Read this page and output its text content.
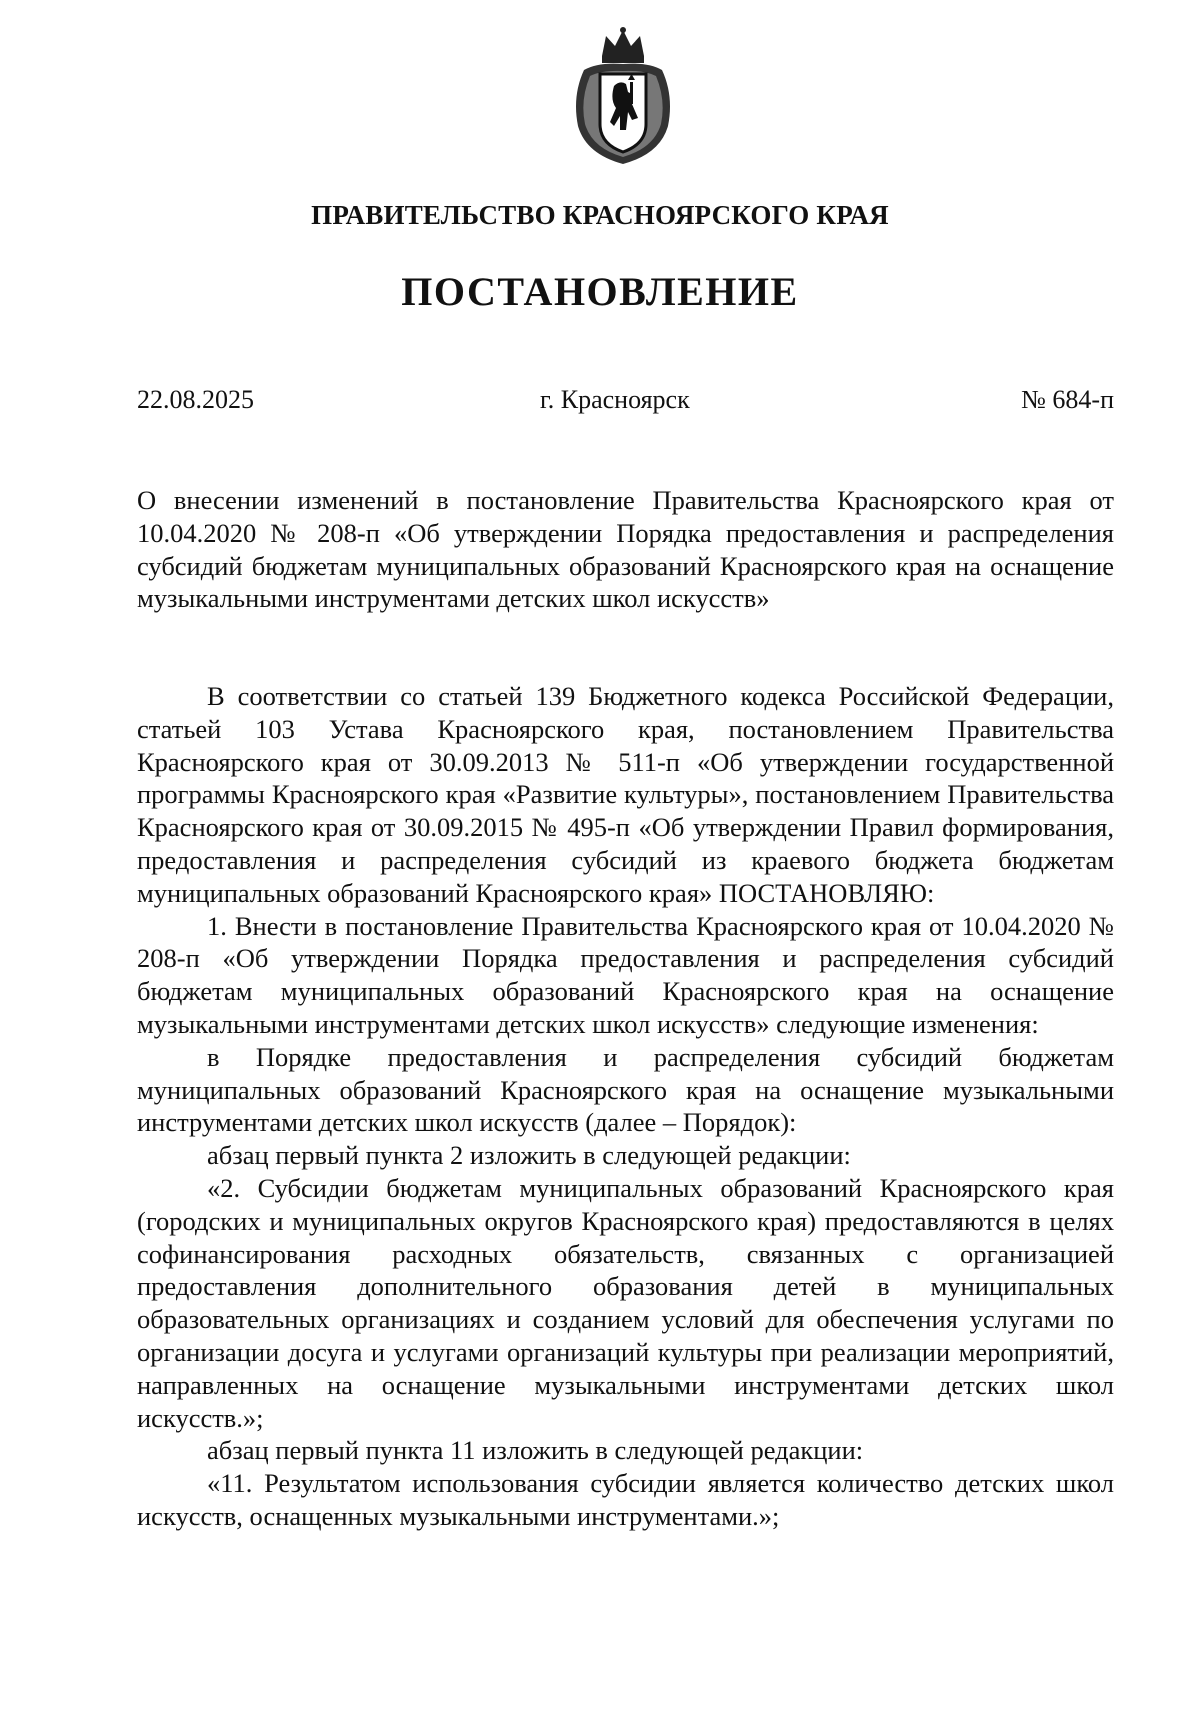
ПРАВИТЕЛЬСТВО КРАСНОЯРСКОГО КРАЯ
ПОСТАНОВЛЕНИЕ
22.08.2025	г. Красноярск	№ 684-п

О внесении изменений в постановление Правительства Красноярского края от 10.04.2020 № 208-п «Об утверждении Порядка предоставления и распределения субсидий бюджетам муниципальных образований Красноярского края на оснащение музыкальными инструментами детских школ искусств»

В соответствии со статьей 139 Бюджетного кодекса Российской Федерации, статьей 103 Устава Красноярского края, постановлением Правительства Красноярского края от 30.09.2013 № 511-п «Об утверждении государственной программы Красноярского края «Развитие культуры», постановлением Правительства Красноярского края от 30.09.2015 № 495-п «Об утверждении Правил формирования, предоставления и распределения субсидий из краевого бюджета бюджетам муниципальных образований Красноярского края» ПОСТАНОВЛЯЮ:

1. Внести в постановление Правительства Красноярского края от 10.04.2020 № 208-п «Об утверждении Порядка предоставления и распределения субсидий бюджетам муниципальных образований Красноярского края на оснащение музыкальными инструментами детских школ искусств» следующие изменения:

в Порядке предоставления и распределения субсидий бюджетам муниципальных образований Красноярского края на оснащение музыкальными инструментами детских школ искусств (далее – Порядок):

абзац первый пункта 2 изложить в следующей редакции:

«2. Субсидии бюджетам муниципальных образований Красноярского края (городских и муниципальных округов Красноярского края) предоставляются в целях софинансирования расходных обязательств, связанных с организацией предоставления дополнительного образования детей в муниципальных образовательных организациях и созданием условий для обеспечения услугами по организации досуга и услугами организаций культуры при реализации мероприятий, направленных на оснащение музыкальными инструментами детских школ искусств.»;

абзац первый пункта 11 изложить в следующей редакции:

«11. Результатом использования субсидии является количество детских школ искусств, оснащенных музыкальными инструментами.»;
